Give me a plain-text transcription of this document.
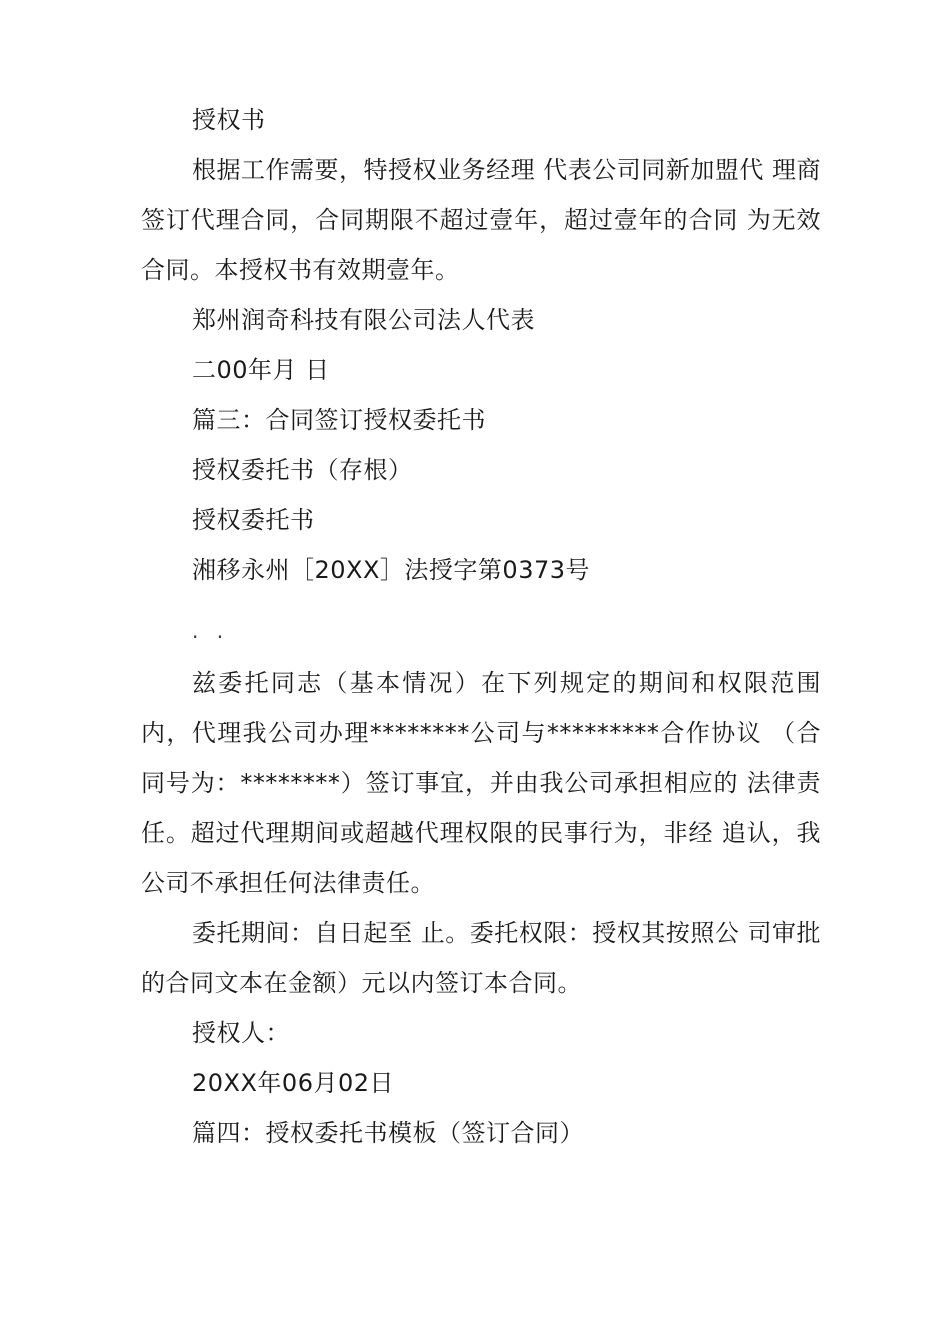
授权书
根据工作需要，特授权业务经理 代表公司同新加盟代 理商签订代理合同，合同期限不超过壹年，超过壹年的合同 为无效合同。本授权书有效期壹年。
郑州润奇科技有限公司法人代表
二00年月 日
篇三：合同签订授权委托书
授权委托书（存根）
授权委托书
湘移永州［20XX］法授字第0373号
· ·
兹委托同志（基本情况）在下列规定的期间和权限范围内，代理我公司办理********公司与*********合作协议 （合同号为：********）签订事宜，并由我公司承担相应的 法律责任。超过代理期间或超越代理权限的民事行为，非经 追认，我公司不承担任何法律责任。
委托期间：自日起至 止。委托权限：授权其按照公 司审批的合同文本在金额）元以内签订本合同。
授权人：
20XX年06月02日
篇四：授权委托书模板（签订合同）
